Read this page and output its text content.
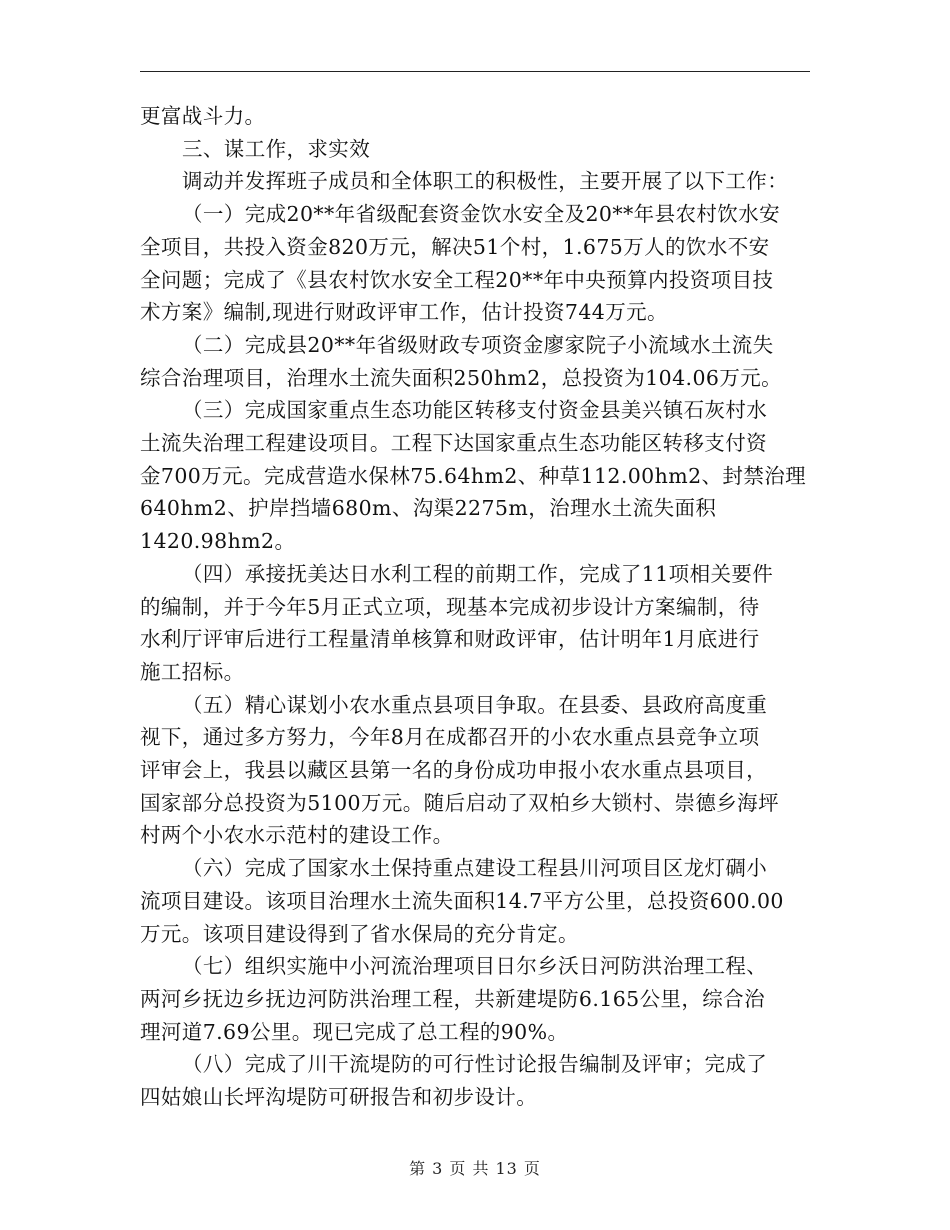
更富战斗力。

三、谋工作，求实效

调动并发挥班子成员和全体职工的积极性，主要开展了以下工作：

（一）完成20**年省级配套资金饮水安全及20**年县农村饮水安

全项目，共投入资金820万元，解决51个村，1.675万人的饮水不安

全问题；完成了《县农村饮水安全工程20**年中央预算内投资项目技

术方案》编制,现进行财政评审工作，估计投资744万元。

（二）完成县20**年省级财政专项资金廖家院子小流域水土流失

综合治理项目，治理水土流失面积250hm2，总投资为104.06万元。

（三）完成国家重点生态功能区转移支付资金县美兴镇石灰村水

土流失治理工程建设项目。工程下达国家重点生态功能区转移支付资

金700万元。完成营造水保林75.64hm2、种草112.00hm2、封禁治理

640hm2、护岸挡墙680m、沟渠2275m，治理水土流失面积

1420.98hm2。

（四）承接抚美达日水利工程的前期工作，完成了11项相关要件

的编制，并于今年5月正式立项，现基本完成初步设计方案编制，待

水利厅评审后进行工程量清单核算和财政评审，估计明年1月底进行

施工招标。

（五）精心谋划小农水重点县项目争取。在县委、县政府高度重

视下，通过多方努力，今年8月在成都召开的小农水重点县竞争立项

评审会上，我县以藏区县第一名的身份成功申报小农水重点县项目，

国家部分总投资为5100万元。随后启动了双柏乡大锁村、崇德乡海坪

村两个小农水示范村的建设工作。

（六）完成了国家水土保持重点建设工程县川河项目区龙灯碉小

流项目建设。该项目治理水土流失面积14.7平方公里，总投资600.00

万元。该项目建设得到了省水保局的充分肯定。

（七）组织实施中小河流治理项目日尔乡沃日河防洪治理工程、

两河乡抚边乡抚边河防洪治理工程，共新建堤防6.165公里，综合治

理河道7.69公里。现已完成了总工程的90%。

（八）完成了川干流堤防的可行性讨论报告编制及评审；完成了

四姑娘山长坪沟堤防可研报告和初步设计。

第 3 页 共 13 页
